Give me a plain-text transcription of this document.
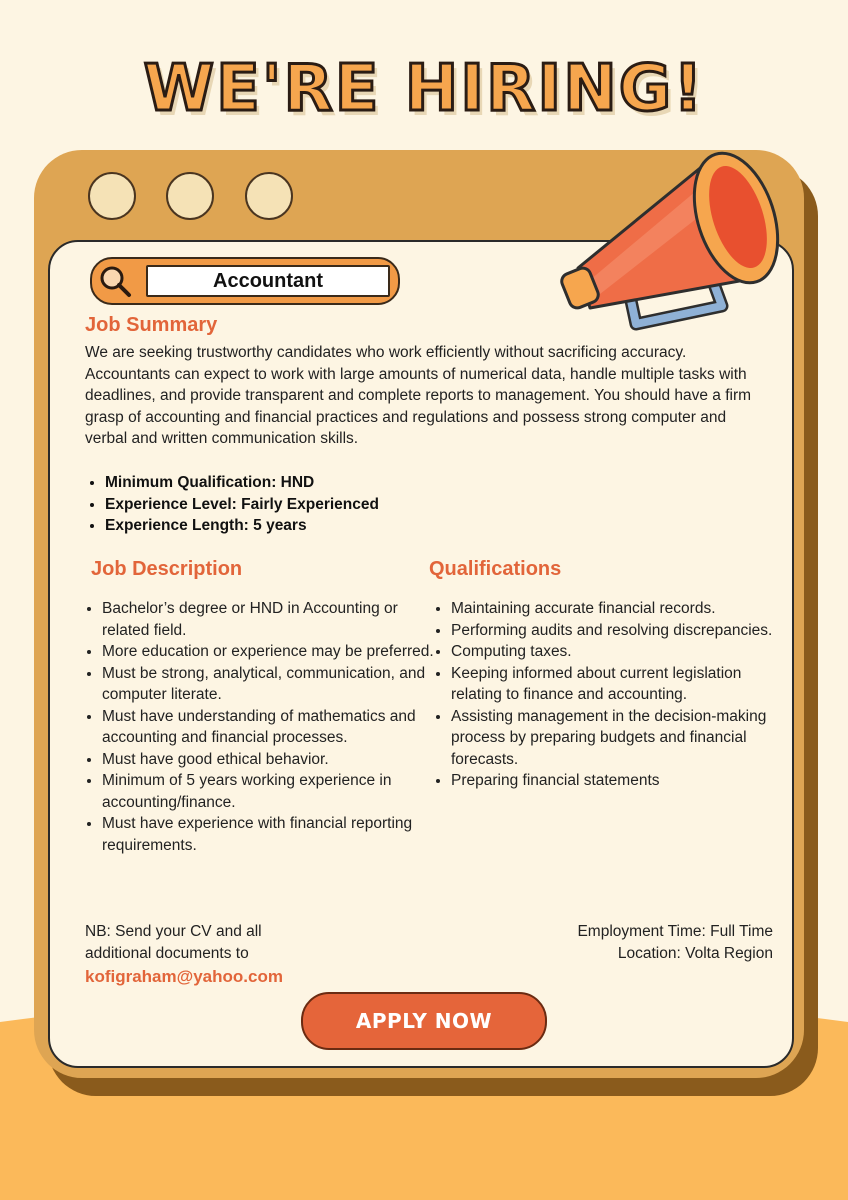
WE'RE HIRING!
Accountant
Job Summary
We are seeking trustworthy candidates who work efficiently without sacrificing accuracy. Accountants can expect to work with large amounts of numerical data, handle multiple tasks with deadlines, and provide transparent and complete reports to management. You should have a firm grasp of accounting and financial practices and regulations and possess strong computer and verbal and written communication skills.
• Minimum Qualification: HND
• Experience Level: Fairly Experienced
• Experience Length: 5 years
Job Description	Qualifications
• Bachelor’s degree or HND in Accounting or related field.
• More education or experience may be preferred.
• Must be strong, analytical, communication, and computer literate.
• Must have understanding of mathematics and accounting and financial processes.
• Must have good ethical behavior.
• Minimum of 5 years working experience in accounting/finance.
• Must have experience with financial reporting requirements.
• Maintaining accurate financial records.
• Performing audits and resolving discrepancies.
• Computing taxes.
• Keeping informed about current legislation relating to finance and accounting.
• Assisting management in the decision-making process by preparing budgets and financial forecasts.
• Preparing financial statements
NB: Send your CV and all
additional documents to
kofigraham@yahoo.com
Employment Time: Full Time
Location: Volta Region
APPLY NOW
